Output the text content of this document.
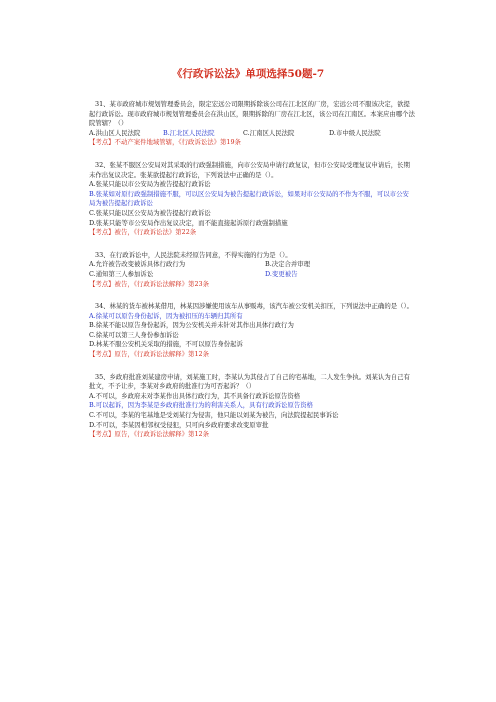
《行政诉讼法》单项选择50题-7

31、某市政府城市规划管理委员会，限定宏远公司限期拆除该公司在江北区的厂房，宏远公司不服该决定，欲提起行政诉讼。现市政府城市规划管理委员会在洪山区，限期拆除的厂房在江北区，该公司在江南区。本案应由哪个法院管辖？（）

A.洪山区人民法院	B.江北区人民法院	C.江南区人民法院	D.市中级人民法院

【考点】不动产案件地域管辖，《行政诉讼法》第19条

32、张某不服区公安局对其采取的行政强制措施，向市公安局申请行政复议，但市公安局受理复议申请后，长期未作出复议决定。张某欲提起行政诉讼，下列说法中正确的是（）。

A.张某只能以市公安局为被告提起行政诉讼

B.张某如对原行政强制措施不服，可以区公安局为被告提起行政诉讼，如果对市公安局的不作为不服，可以市公安局为被告提起行政诉讼

C.张某只能以区公安局为被告提起行政诉讼

D.张某只能等市公安局作出复议决定，而不能直接起诉原行政强制措施

【考点】被告，《行政诉讼法》第22条

33、在行政诉讼中，人民法院未经原告同意，不得实施的行为是（）。

A.允许被告改变被诉具体行政行为	B.决定合并审理
C.通知第三人参加诉讼	D.变更被告

【考点】被告，《行政诉讼法解释》第23条

34、林某的货车被林某借用，林某因涉嫌使用该车从事贩毒，该汽车被公安机关扣压，下列说法中正确的是（）。

A.徐某可以原告身份起诉，因为被扣压的车辆归其所有

B.徐某不能以原告身份起诉，因为公安机关并未针对其作出具体行政行为

C.徐某可以第三人身份参加诉讼

D.林某不服公安机关采取的措施，不可以原告身份起诉

【考点】原告，《行政诉讼法解释》第12条

35、乡政府批准刘某建房申请，刘某施工时，李某认为其侵占了自己的宅基地，二人发生争执。刘某认为自己有批文，不予让步，李某对乡政府的批准行为可否起诉？（）

A.不可以，乡政府未对李某作出具体行政行为，其不具备行政诉讼原告资格

B.可以起诉，因为李某是乡政府批准行为的利害关系人，具有行政诉讼原告资格

C.不可以，李某的宅基地是受刘某行为侵害，他只能以刘某为被告，向法院提起民事诉讼

D.不可以，李某因相邻权受侵犯，只可向乡政府要求改变原审批

【考点】原告，《行政诉讼法解释》第12条
